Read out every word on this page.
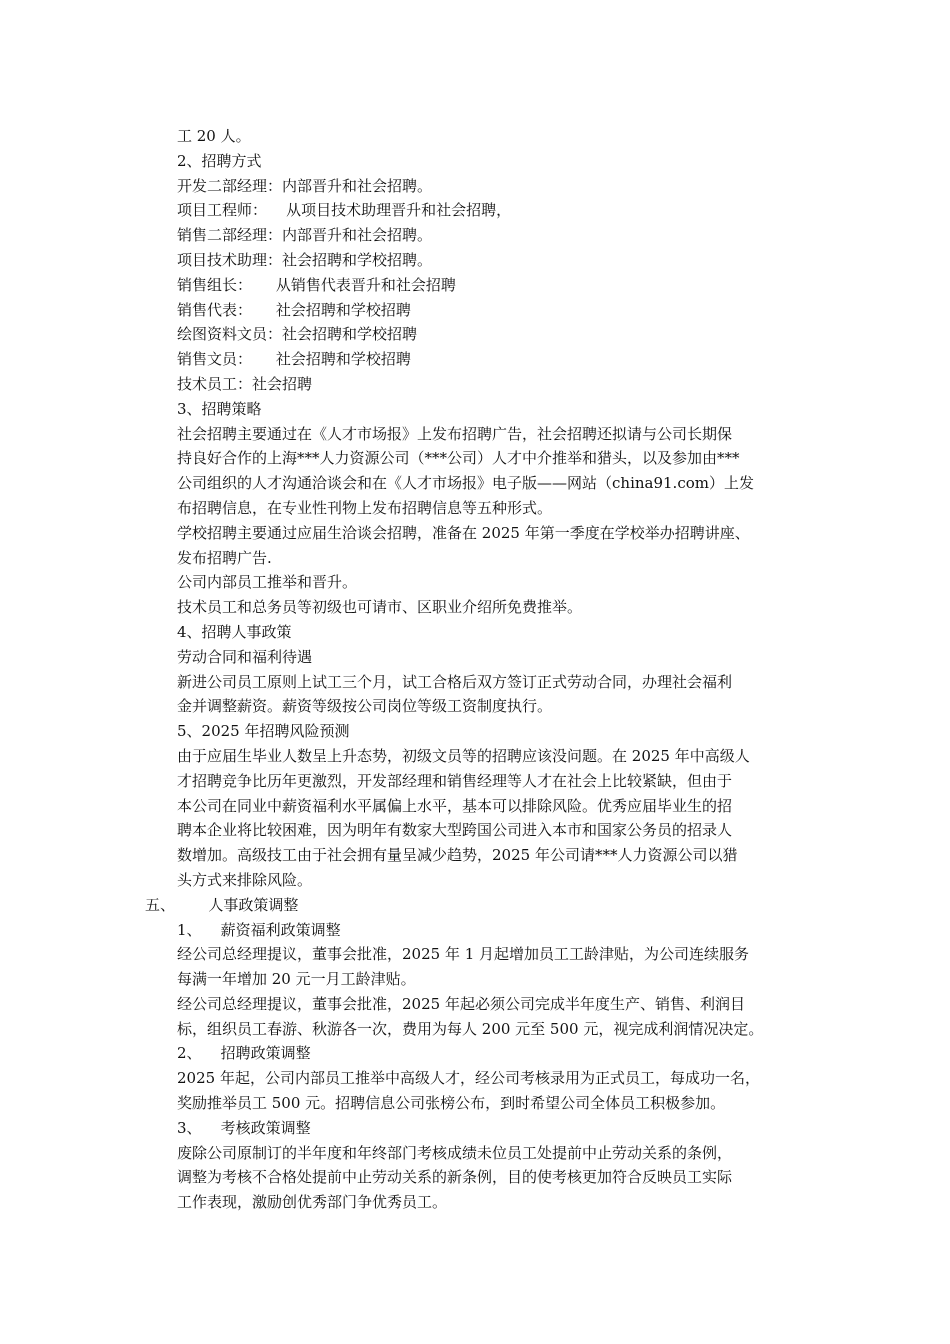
工 20 人。
2、招聘方式
开发二部经理：内部晋升和社会招聘。
项目工程师：    从项目技术助理晋升和社会招聘，
销售二部经理：内部晋升和社会招聘。
项目技术助理：社会招聘和学校招聘。
销售组长：     从销售代表晋升和社会招聘
销售代表：     社会招聘和学校招聘
绘图资料文员：社会招聘和学校招聘
销售文员：     社会招聘和学校招聘
技术员工：社会招聘
3、招聘策略
社会招聘主要通过在《人才市场报》上发布招聘广告，社会招聘还拟请与公司长期保
持良好合作的上海***人力资源公司（***公司）人才中介推举和猎头，以及参加由***
公司组织的人才沟通洽谈会和在《人才市场报》电子版——网站（china91.com）上发
布招聘信息，在专业性刊物上发布招聘信息等五种形式。
学校招聘主要通过应届生洽谈会招聘，准备在 2025 年第一季度在学校举办招聘讲座、
发布招聘广告.
公司内部员工推举和晋升。
技术员工和总务员等初级也可请市、区职业介绍所免费推举。
4、招聘人事政策
劳动合同和福利待遇
新进公司员工原则上试工三个月，试工合格后双方签订正式劳动合同，办理社会福利
金并调整薪资。薪资等级按公司岗位等级工资制度执行。
5、2025 年招聘风险预测
由于应届生毕业人数呈上升态势，初级文员等的招聘应该没问题。在 2025 年中高级人
才招聘竞争比历年更激烈，开发部经理和销售经理等人才在社会上比较紧缺，但由于
本公司在同业中薪资福利水平属偏上水平，基本可以排除风险。优秀应届毕业生的招
聘本企业将比较困难，因为明年有数家大型跨国公司进入本市和国家公务员的招录人
数增加。高级技工由于社会拥有量呈减少趋势，2025 年公司请***人力资源公司以猎
头方式来排除风险。
五、       人事政策调整
1、    薪资福利政策调整
经公司总经理提议，董事会批准，2025 年 1 月起增加员工工龄津贴，为公司连续服务
每满一年增加 20 元一月工龄津贴。
经公司总经理提议，董事会批准，2025 年起必须公司完成半年度生产、销售、利润目
标，组织员工春游、秋游各一次，费用为每人 200 元至 500 元，视完成利润情况决定。
2、    招聘政策调整
2025 年起，公司内部员工推举中高级人才，经公司考核录用为正式员工，每成功一名，
奖励推举员工 500 元。招聘信息公司张榜公布，到时希望公司全体员工积极参加。
3、    考核政策调整
废除公司原制订的半年度和年终部门考核成绩未位员工处提前中止劳动关系的条例，
调整为考核不合格处提前中止劳动关系的新条例，目的使考核更加符合反映员工实际
工作表现，激励创优秀部门争优秀员工。
